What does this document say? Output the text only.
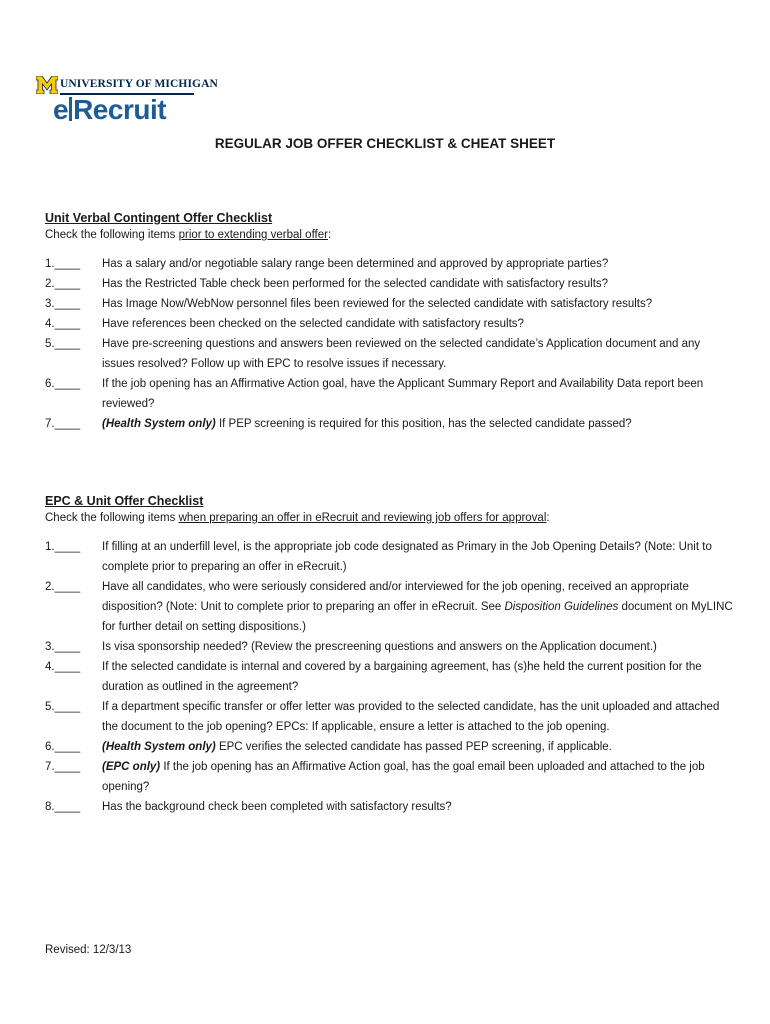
UNIVERSITY OF MICHIGAN
e Recruit
REGULAR JOB OFFER CHECKLIST & CHEAT SHEET
Unit Verbal Contingent Offer Checklist
Check the following items prior to extending verbal offer:
1.____	Has a salary and/or negotiable salary range been determined and approved by appropriate parties?
2.____	Has the Restricted Table check been performed for the selected candidate with satisfactory results?
3.____	Has Image Now/WebNow personnel files been reviewed for the selected candidate with satisfactory results?
4.____	Have references been checked on the selected candidate with satisfactory results?
5.____	Have pre-screening questions and answers been reviewed on the selected candidate’s Application document and any issues resolved? Follow up with EPC to resolve issues if necessary.
6.____	If the job opening has an Affirmative Action goal, have the Applicant Summary Report and Availability Data report been reviewed?
7.____	(Health System only) If PEP screening is required for this position, has the selected candidate passed?
EPC & Unit Offer Checklist
Check the following items when preparing an offer in eRecruit and reviewing job offers for approval:
1.____	If filling at an underfill level, is the appropriate job code designated as Primary in the Job Opening Details? (Note: Unit to complete prior to preparing an offer in eRecruit.)
2.____	Have all candidates, who were seriously considered and/or interviewed for the job opening, received an appropriate disposition? (Note: Unit to complete prior to preparing an offer in eRecruit. See Disposition Guidelines document on MyLINC for further detail on setting dispositions.)
3.____	Is visa sponsorship needed? (Review the prescreening questions and answers on the Application document.)
4.____	If the selected candidate is internal and covered by a bargaining agreement, has (s)he held the current position for the duration as outlined in the agreement?
5.____	If a department specific transfer or offer letter was provided to the selected candidate, has the unit uploaded and attached the document to the job opening? EPCs: If applicable, ensure a letter is attached to the job opening.
6.____	(Health System only) EPC verifies the selected candidate has passed PEP screening, if applicable.
7.____	(EPC only) If the job opening has an Affirmative Action goal, has the goal email been uploaded and attached to the job opening?
8.____	Has the background check been completed with satisfactory results?
Revised: 12/3/13
